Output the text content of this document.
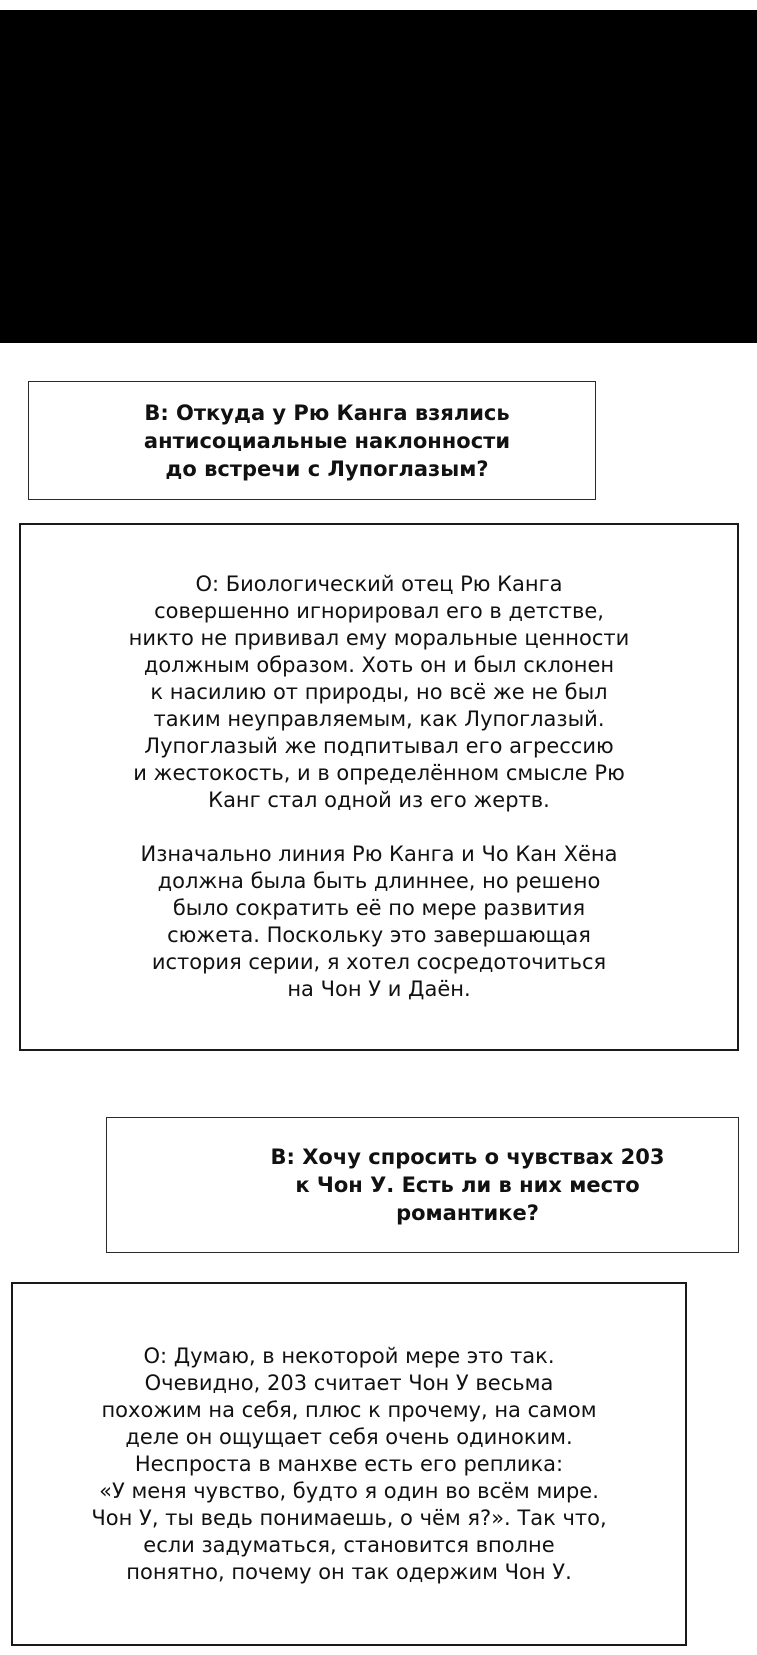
В: Откуда у Рю Канга взялись
антисоциальные наклонности
до встречи с Лупоглазым?
О: Биологический отец Рю Канга
совершенно игнорировал его в детстве,
никто не прививал ему моральные ценности
должным образом. Хоть он и был склонен
к насилию от природы, но всё же не был
таким неуправляемым, как Лупоглазый.
Лупоглазый же подпитывал его агрессию
и жестокость, и в определённом смысле Рю
Канг стал одной из его жертв.
Изначально линия Рю Канга и Чо Кан Хёна
должна была быть длиннее, но решено
было сократить её по мере развития
сюжета. Поскольку это завершающая
история серии, я хотел сосредоточиться
на Чон У и Даён.
В: Хочу спросить о чувствах 203
к Чон У. Есть ли в них место
романтике?
О: Думаю, в некоторой мере это так.
Очевидно, 203 считает Чон У весьма
похожим на себя, плюс к прочему, на самом
деле он ощущает себя очень одиноким.
Неспроста в манхве есть его реплика:
«У меня чувство, будто я один во всём мире.
Чон У, ты ведь понимаешь, о чём я?». Так что,
если задуматься, становится вполне
понятно, почему он так одержим Чон У.
